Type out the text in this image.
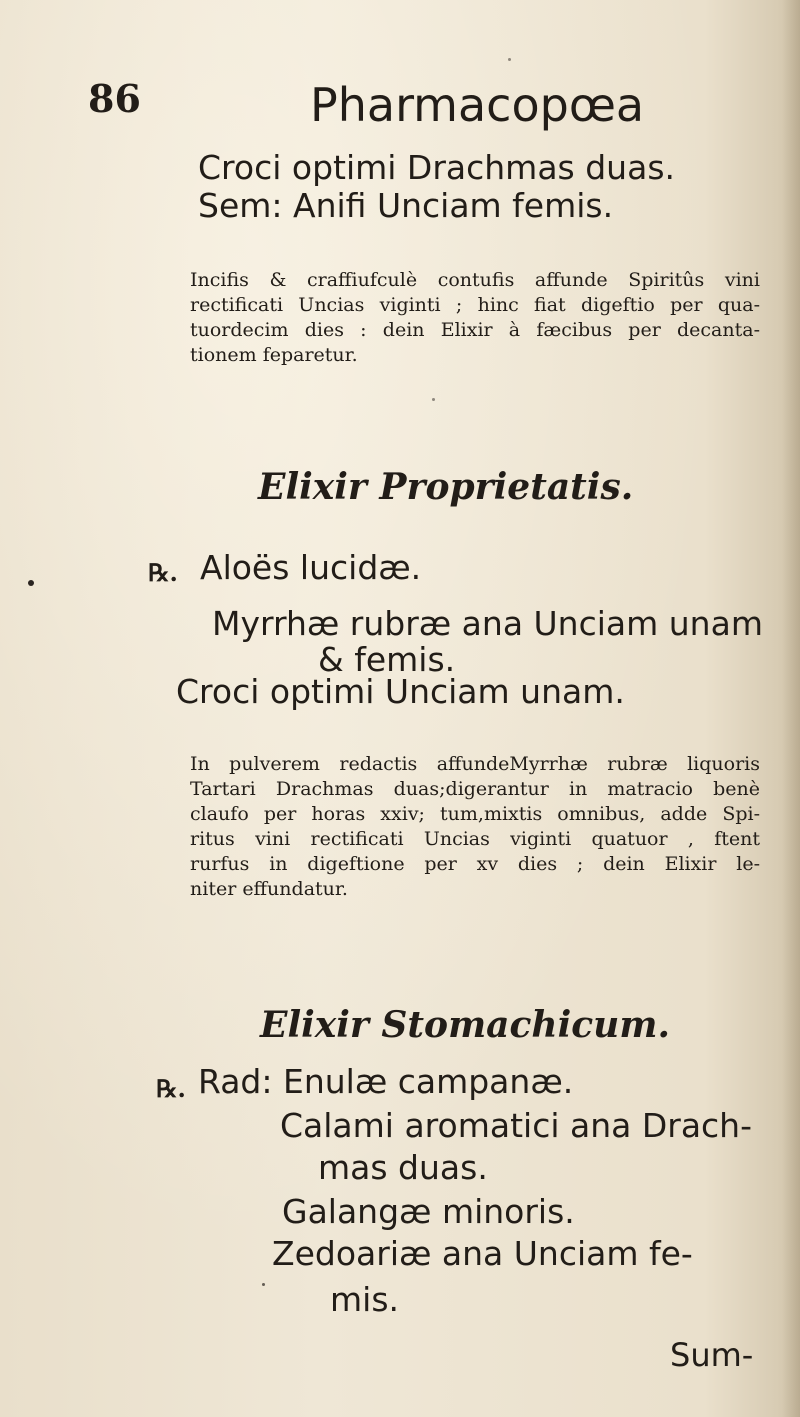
86	Pharmacopœa
Croci optimi Drachmas duas.
Sem: Anifi Unciam femis.
Incifis & craffiufculè contufis affunde Spiritûs vini
rectificati Uncias viginti ; hinc fiat digeftio per qua-
tuordecim dies : dein Elixir à fæcibus per decanta-
tionem feparetur.
Elixir Proprietatis.
℞. Aloës lucidæ.
Myrrhæ rubræ ana Unciam unam
& femis.
Croci optimi Unciam unam.
In pulverem redactis affundeMyrrhæ rubræ liquoris
Tartari Drachmas duas;digerantur in matracio benè
claufo per horas xxiv; tum,mixtis omnibus, adde Spi-
ritus vini rectificati Uncias viginti quatuor , ftent
rurfus in digeftione per xv dies ; dein Elixir le-
niter effundatur.
Elixir Stomachicum.
℞. Rad: Enulæ campanæ.
Calami aromatici ana Drach-
mas duas.
Galangæ minoris.
Zedoariæ ana Unciam fe-
mis.
Sum-
